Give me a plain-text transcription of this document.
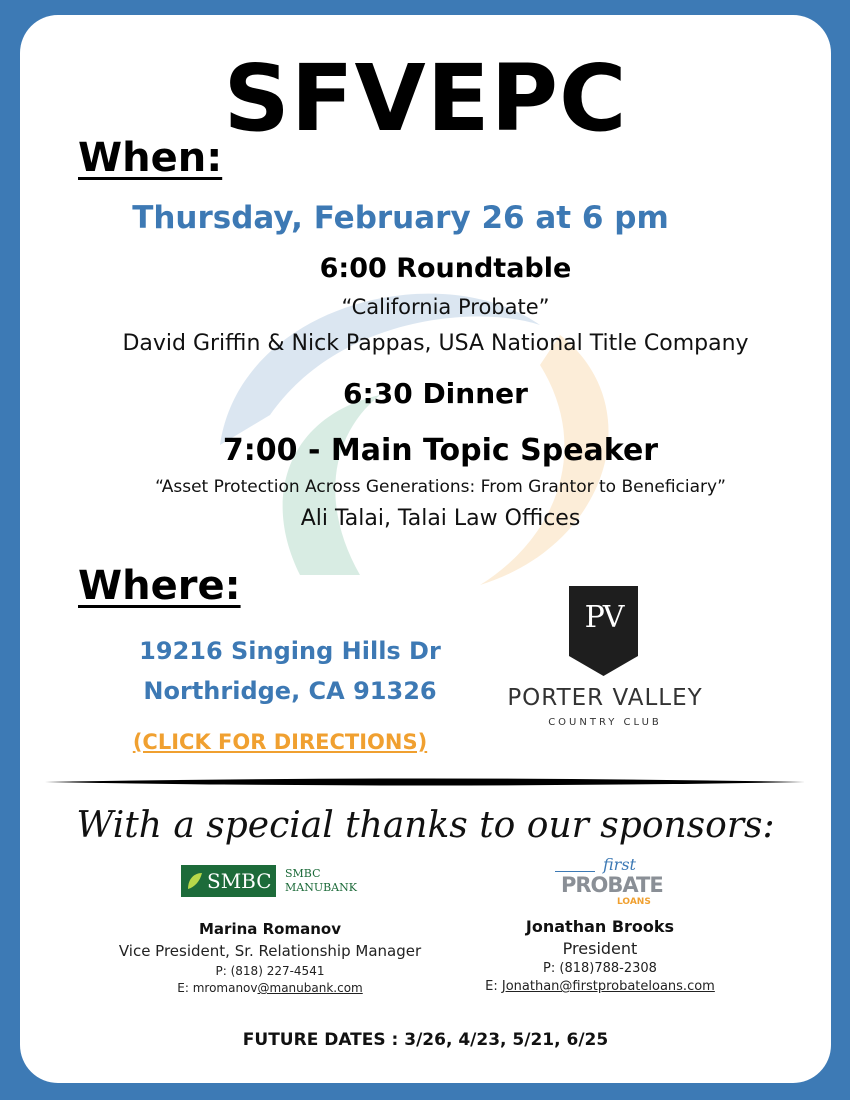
SFVEPC
When:
Thursday, February 26 at 6 pm
6:00 Roundtable
“California Probate”
David Griffin & Nick Pappas, USA National Title Company
6:30 Dinner
7:00 - Main Topic Speaker
“Asset Protection Across Generations: From Grantor to Beneficiary”
Ali Talai, Talai Law Offices
Where:
19216 Singing Hills Dr
Northridge, CA 91326
(CLICK FOR DIRECTIONS)
PV
PORTER VALLEY
COUNTRY CLUB
With a special thanks to our sponsors:
SMBC SMBC
MANUBANK
first
PROBATE
LOANS
Marina Romanov
Vice President, Sr. Relationship Manager
P: (818) 227-4541
E: mromanov@manubank.com
Jonathan Brooks
President
P: (818)788-2308
E: Jonathan@firstprobateloans.com
FUTURE DATES : 3/26, 4/23, 5/21, 6/25
